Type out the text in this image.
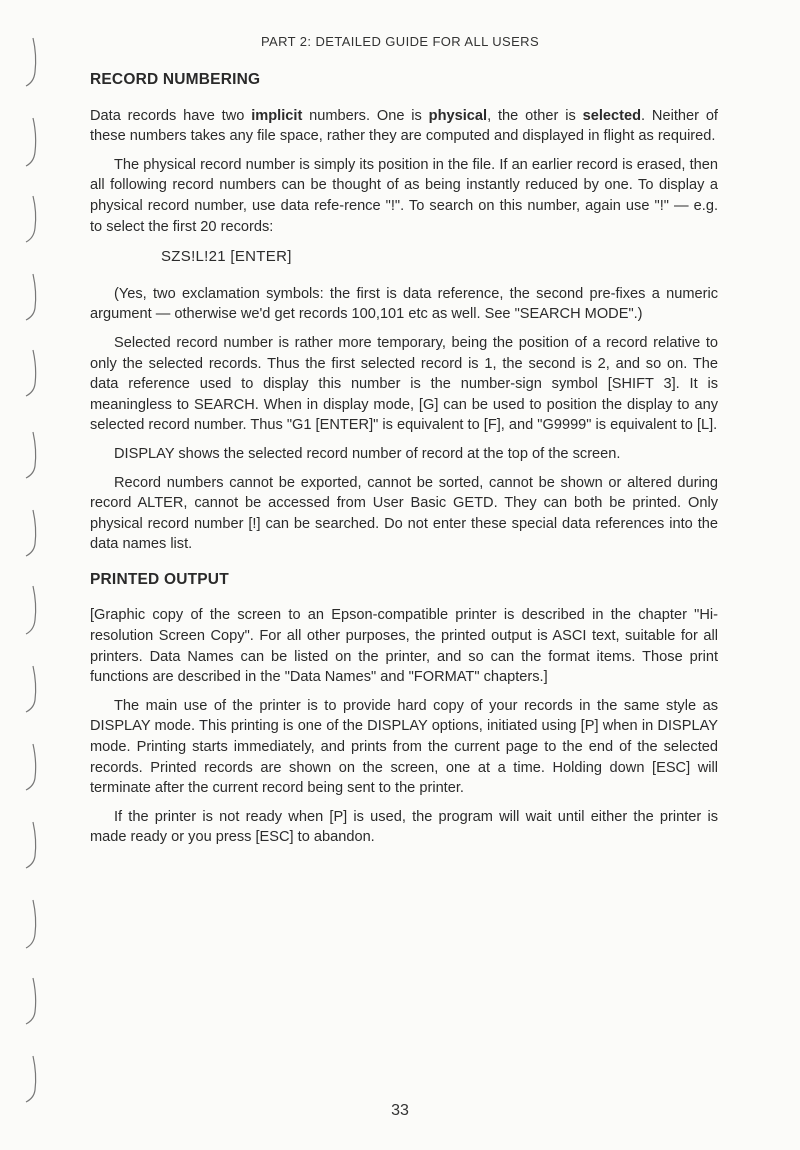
PART 2: DETAILED GUIDE FOR ALL USERS
RECORD NUMBERING

Data records have two implicit numbers. One is physical, the other is selected. Neither of these numbers takes any file space, rather they are computed and displayed in flight as required.

The physical record number is simply its position in the file. If an earlier record is erased, then all following record numbers can be thought of as being instantly reduced by one. To display a physical record number, use data refe-rence "!". To search on this number, again use "!" — e.g. to select the first 20 records:

SZS!L!21 [ENTER]

(Yes, two exclamation symbols: the first is data reference, the second pre-fixes a numeric argument — otherwise we'd get records 100,101 etc as well. See "SEARCH MODE".)

Selected record number is rather more temporary, being the position of a record relative to only the selected records. Thus the first selected record is 1, the second is 2, and so on. The data reference used to display this number is the number-sign symbol [SHIFT 3]. It is meaningless to SEARCH. When in display mode, [G] can be used to position the display to any selected record number. Thus "G1 [ENTER]" is equivalent to [F], and "G9999" is equivalent to [L].

DISPLAY shows the selected record number of record at the top of the screen.

Record numbers cannot be exported, cannot be sorted, cannot be shown or altered during record ALTER, cannot be accessed from User Basic GETD. They can both be printed. Only physical record number [!] can be searched. Do not enter these special data references into the data names list.

PRINTED OUTPUT

[Graphic copy of the screen to an Epson-compatible printer is described in the chapter "Hi-resolution Screen Copy". For all other purposes, the printed output is ASCI text, suitable for all printers. Data Names can be listed on the printer, and so can the format items. Those print functions are described in the "Data Names" and "FORMAT" chapters.]

The main use of the printer is to provide hard copy of your records in the same style as DISPLAY mode. This printing is one of the DISPLAY options, initiated using [P] when in DISPLAY mode. Printing starts immediately, and prints from the current page to the end of the selected records. Printed records are shown on the screen, one at a time. Holding down [ESC] will terminate after the current record being sent to the printer.

If the printer is not ready when [P] is used, the program will wait until either the printer is made ready or you press [ESC] to abandon.

33
